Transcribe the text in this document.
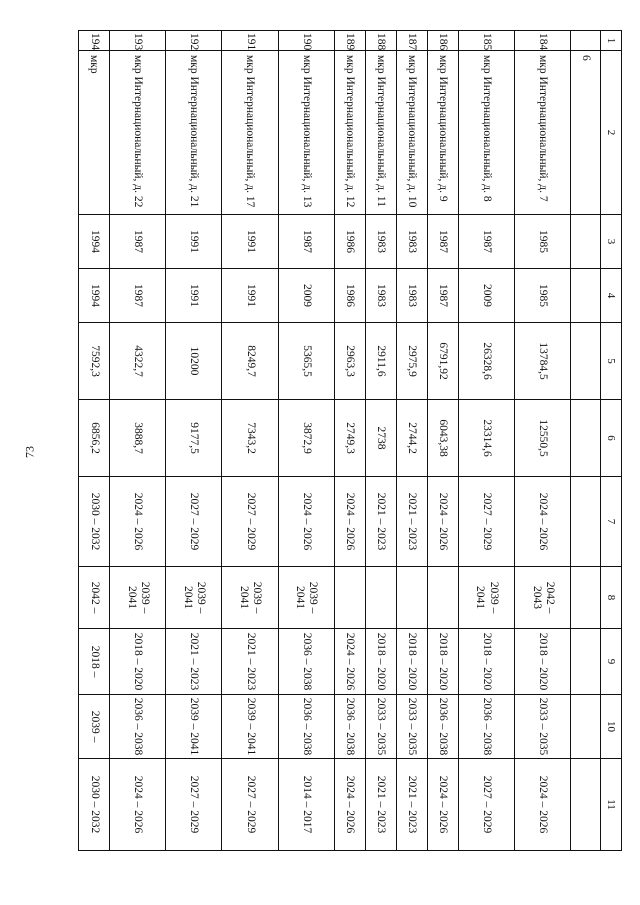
73
1	2	3	4	5	6	7	8	9	10	11
	6									
184	мкр Интернациональный, д. 7	1985	1985	13784,5	12550,5	2024 – 2026	2042 – 2043	2018 – 2020	2033 – 2035	2024 – 2026
185	мкр Интернациональный, д. 8	1987	2009	26328,6	23314,6	2027 – 2029	2039 – 2041	2018 – 2020	2036 – 2038	2027 – 2029
186	мкр Интернациональный, д. 9	1987	1987	6791,92	6043,38	2024 – 2026		2018 – 2020	2036 – 2038	2024 – 2026
187	мкр Интернациональный, д. 10	1983	1983	2975,9	2744,2	2021 – 2023		2018 – 2020	2033 – 2035	2021 – 2023
188	мкр Интернациональный, д. 11	1983	1983	2911,6	2738	2021 – 2023		2018 – 2020	2033 – 2035	2021 – 2023
189	мкр Интернациональный, д. 12	1986	1986	2963,3	2749,3	2024 – 2026		2024 – 2026	2036 – 2038	2024 – 2026
190	мкр Интернациональный, д. 13	1987	2009	5365,5	3872,9	2024 – 2026	2039 – 2041	2036 – 2038	2036 – 2038	2014 – 2017
191	мкр Интернациональный, д. 17	1991	1991	8249,7	7343,2	2027 – 2029	2039 – 2041	2021 – 2023	2039 – 2041	2027 – 2029
192	мкр Интернациональный, д. 21	1991	1991	10200	9177,5	2027 – 2029	2039 – 2041	2021 – 2023	2039 – 2041	2027 – 2029
193	мкр Интернациональный, д. 22	1987	1987	4322,7	3888,7	2024 – 2026	2039 – 2041	2018 – 2020	2036 – 2038	2024 – 2026
194	мкр	1994	1994	7592,3	6856,2	2030 – 2032	2042 –	2018 –	2039 –	2030 – 2032
